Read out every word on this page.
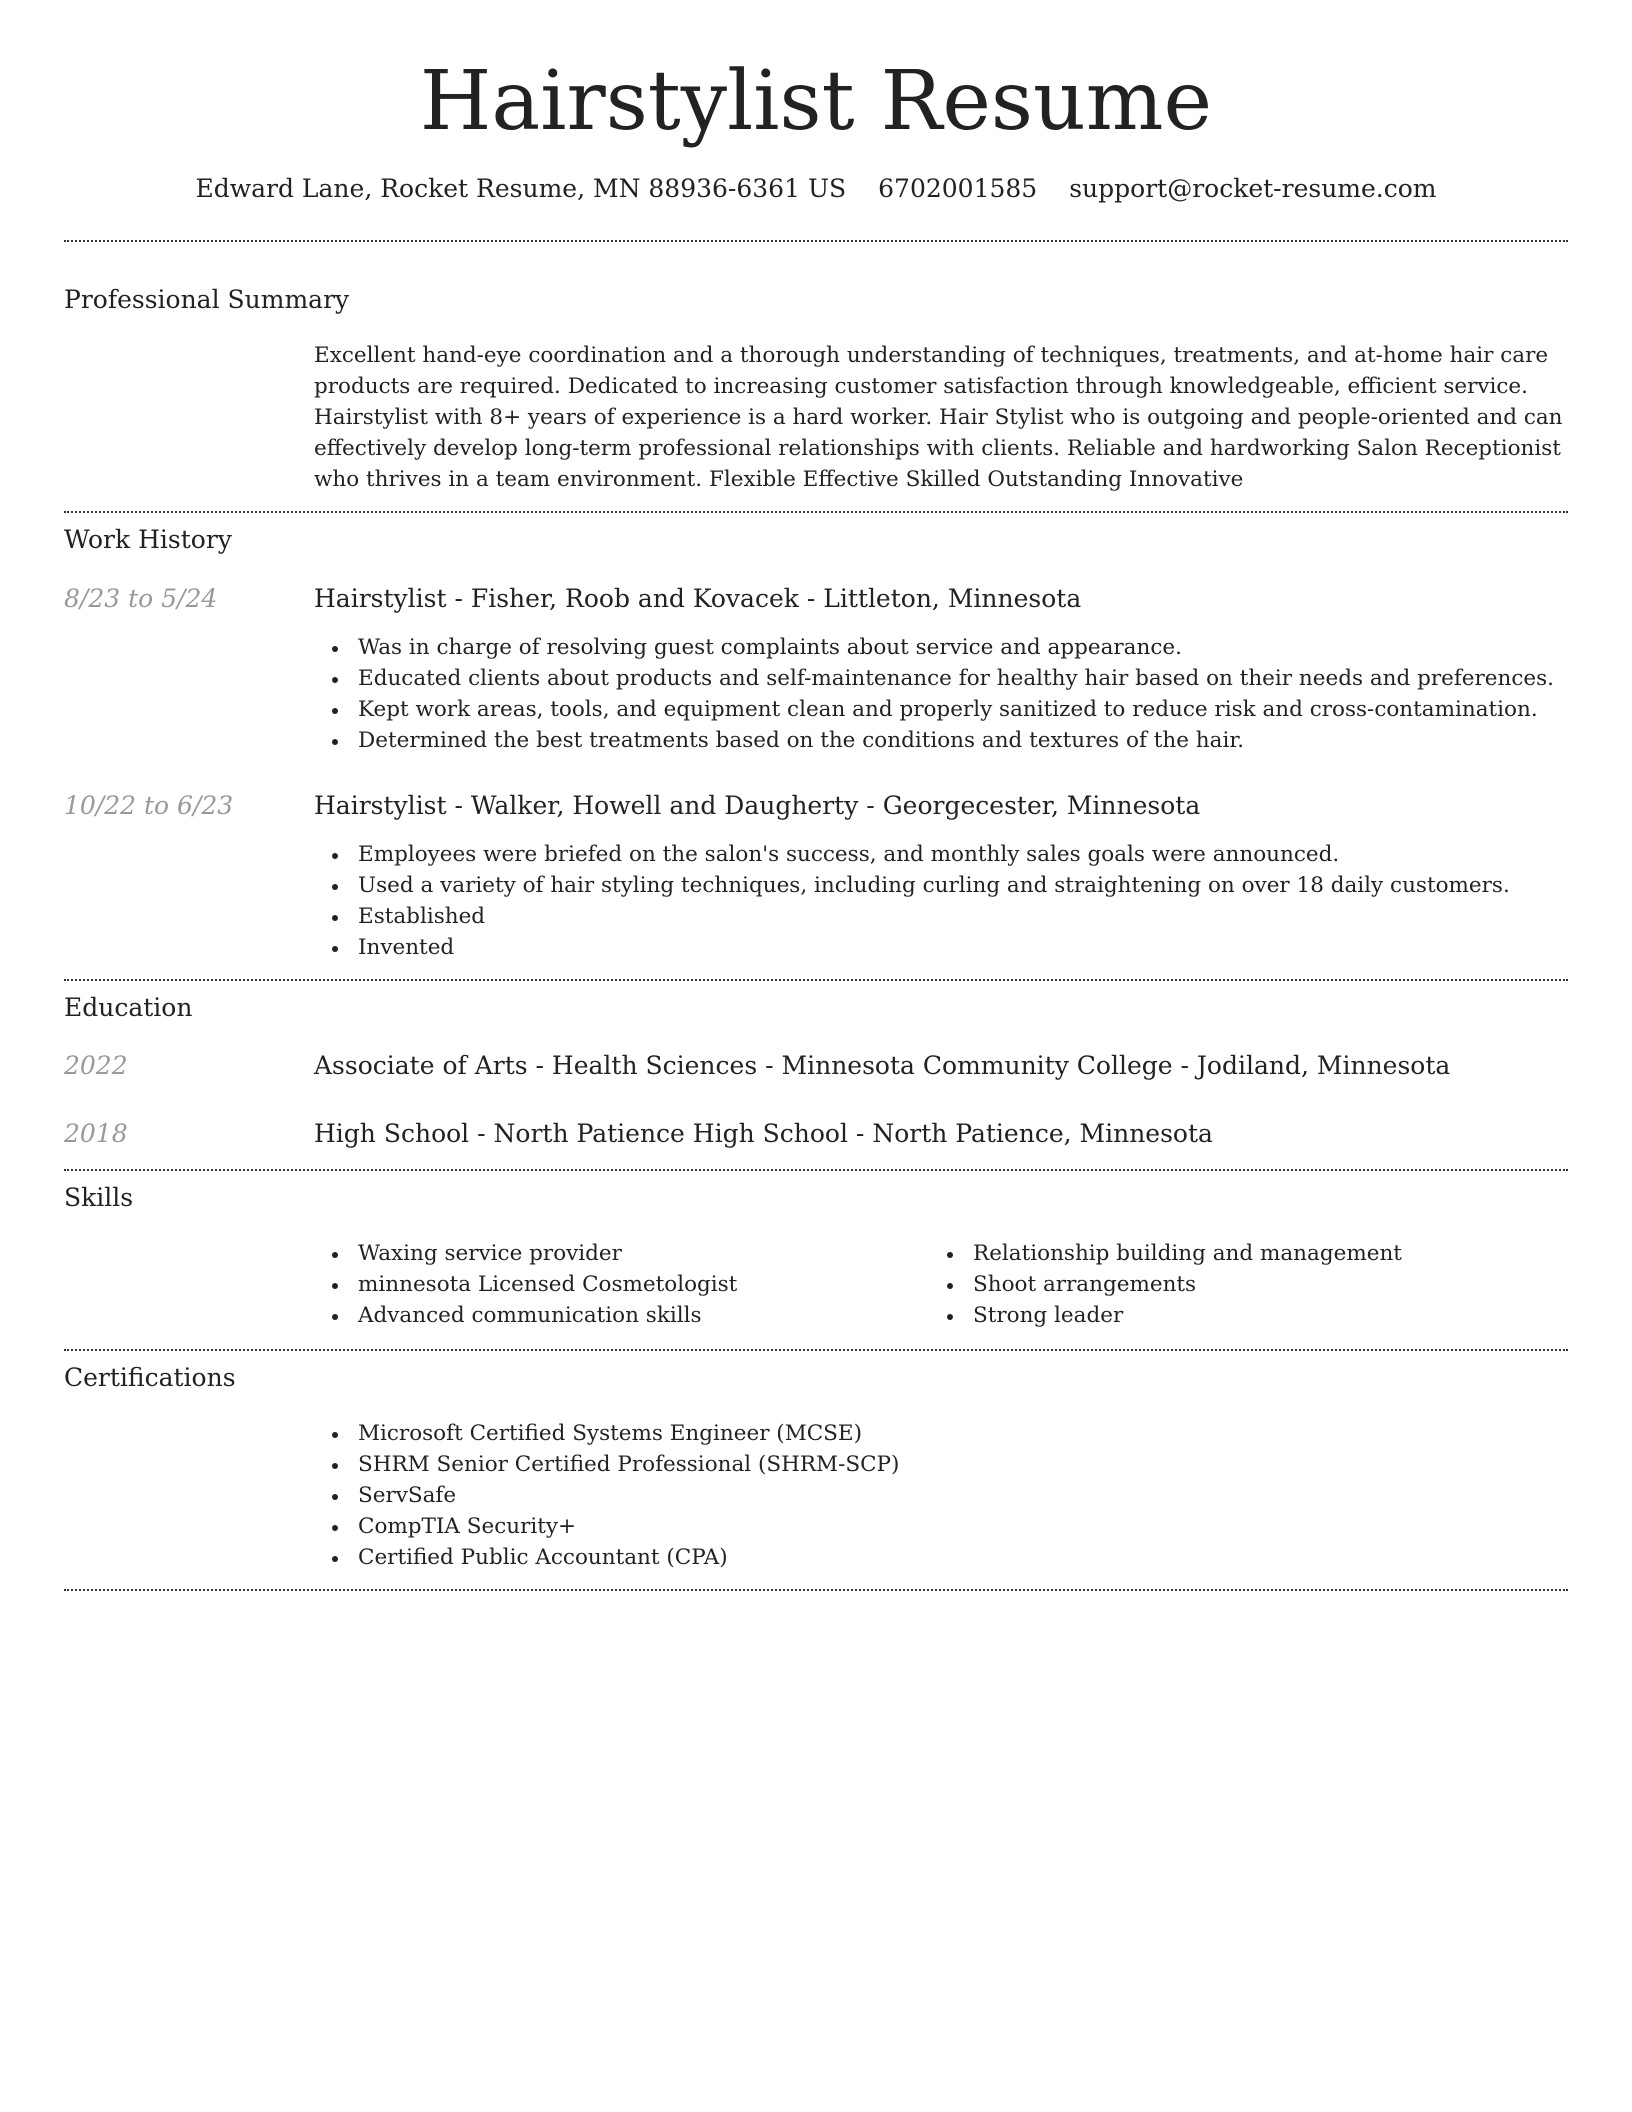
Hairstylist Resume
Edward Lane, Rocket Resume, MN 88936-6361 US 6702001585 support@rocket-resume.com
Professional Summary
Excellent hand-eye coordination and a thorough understanding of techniques, treatments, and at-home hair care products are required. Dedicated to increasing customer satisfaction through knowledgeable, efficient service. Hairstylist with 8+ years of experience is a hard worker. Hair Stylist who is outgoing and people-oriented and can effectively develop long-term professional relationships with clients. Reliable and hardworking Salon Receptionist who thrives in a team environment. Flexible Effective Skilled Outstanding Innovative
Work History
8/23 to 5/24	Hairstylist - Fisher, Roob and Kovacek - Littleton, Minnesota
Was in charge of resolving guest complaints about service and appearance.
Educated clients about products and self-maintenance for healthy hair based on their needs and preferences.
Kept work areas, tools, and equipment clean and properly sanitized to reduce risk and cross-contamination.
Determined the best treatments based on the conditions and textures of the hair.
10/22 to 6/23	Hairstylist - Walker, Howell and Daugherty - Georgecester, Minnesota
Employees were briefed on the salon's success, and monthly sales goals were announced.
Used a variety of hair styling techniques, including curling and straightening on over 18 daily customers.
Established
Invented
Education
2022	Associate of Arts - Health Sciences - Minnesota Community College - Jodiland, Minnesota
2018	High School - North Patience High School - North Patience, Minnesota
Skills
Waxing service provider
minnesota Licensed Cosmetologist
Advanced communication skills
Relationship building and management
Shoot arrangements
Strong leader
Certifications
Microsoft Certified Systems Engineer (MCSE)
SHRM Senior Certified Professional (SHRM-SCP)
ServSafe
CompTIA Security+
Certified Public Accountant (CPA)
